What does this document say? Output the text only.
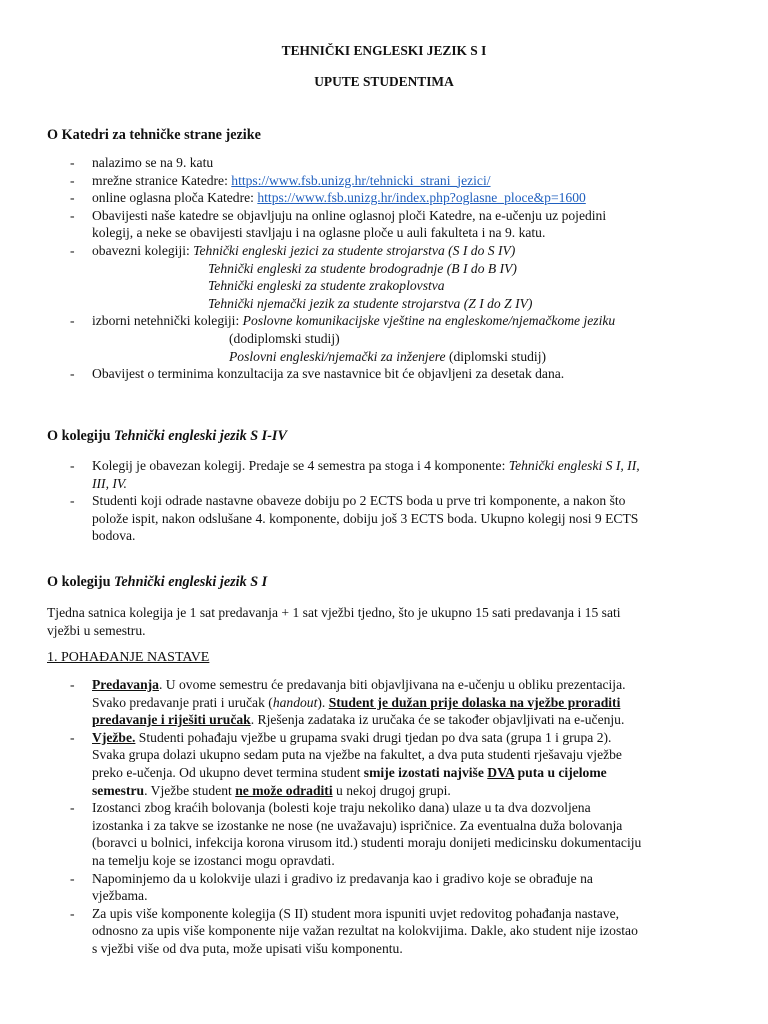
TEHNIČKI ENGLESKI JEZIK S I
UPUTE STUDENTIMA
O Katedri za tehničke strane jezike
- nalazimo se na 9. katu
- mrežne stranice Katedre: https://www.fsb.unizg.hr/tehnicki_strani_jezici/
- online oglasna ploča Katedre: https://www.fsb.unizg.hr/index.php?oglasne_ploce&p=1600
- Obavijesti naše katedre se objavljuju na online oglasnoj ploči Katedre, na e-učenju uz pojedini
kolegij, a neke se obavijesti stavljaju i na oglasne ploče u auli fakulteta i na 9. katu.
- obavezni kolegiji: Tehnički engleski jezici za studente strojarstva (S I do S IV)
Tehnički engleski za studente brodogradnje (B I do B IV)
Tehnički engleski za studente zrakoplovstva
Tehnički njemački jezik za studente strojarstva (Z I do Z IV)
- izborni netehnički kolegiji: Poslovne komunikacijske vještine na engleskome/njemačkome jeziku
(dodiplomski studij)
Poslovni engleski/njemački za inženjere (diplomski studij)
- Obavijest o terminima konzultacija za sve nastavnice bit će objavljeni za desetak dana.
O kolegiju Tehnički engleski jezik S I-IV
- Kolegij je obavezan kolegij. Predaje se 4 semestra pa stoga i 4 komponente: Tehnički engleski S I, II,
III, IV.
- Studenti koji odrade nastavne obaveze dobiju po 2 ECTS boda u prve tri komponente, a nakon što
polože ispit, nakon odslušane 4. komponente, dobiju još 3 ECTS boda. Ukupno kolegij nosi 9 ECTS
bodova.
O kolegiju Tehnički engleski jezik S I
Tjedna satnica kolegija je 1 sat predavanja + 1 sat vježbi tjedno, što je ukupno 15 sati predavanja i 15 sati
vježbi u semestru.
1. POHAĐANJE NASTAVE
- Predavanja. U ovome semestru će predavanja biti objavljivana na e-učenju u obliku prezentacija.
Svako predavanje prati i uručak (handout). Student je dužan prije dolaska na vježbe proraditi
predavanje i riješiti uručak. Rješenja zadataka iz uručaka će se također objavljivati na e-učenju.
- Vježbe. Studenti pohađaju vježbe u grupama svaki drugi tjedan po dva sata (grupa 1 i grupa 2).
Svaka grupa dolazi ukupno sedam puta na vježbe na fakultet, a dva puta studenti rješavaju vježbe
preko e-učenja. Od ukupno devet termina student smije izostati najviše DVA puta u cijelome
semestru. Vježbe student ne može odraditi u nekoj drugoj grupi.
- Izostanci zbog kraćih bolovanja (bolesti koje traju nekoliko dana) ulaze u ta dva dozvoljena
izostanka i za takve se izostanke ne nose (ne uvažavaju) ispričnice. Za eventualna duža bolovanja
(boravci u bolnici, infekcija korona virusom itd.) studenti moraju donijeti medicinsku dokumentaciju
na temelju koje se izostanci mogu opravdati.
- Napominjemo da u kolokvije ulazi i gradivo iz predavanja kao i gradivo koje se obrađuje na
vježbama.
- Za upis više komponente kolegija (S II) student mora ispuniti uvjet redovitog pohađanja nastave,
odnosno za upis više komponente nije važan rezultat na kolokvijima. Dakle, ako student nije izostao
s vježbi više od dva puta, može upisati višu komponentu.
